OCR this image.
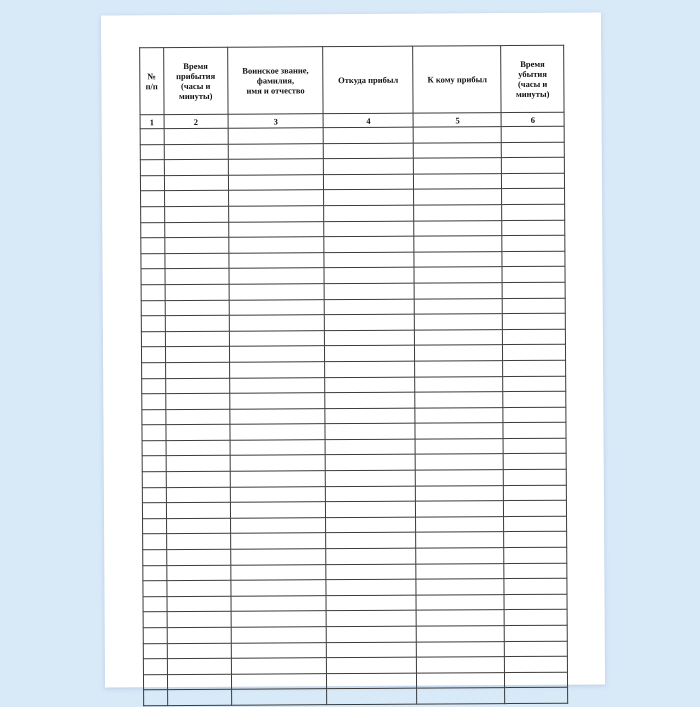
№
п/п	Время
прибытия
(часы и
минуты)	Воинское звание,
фамилия,
имя и отчество	Откуда прибыл	К кому прибыл	Время
убытия
(часы и
минуты)

1	2	3	4	5	6
